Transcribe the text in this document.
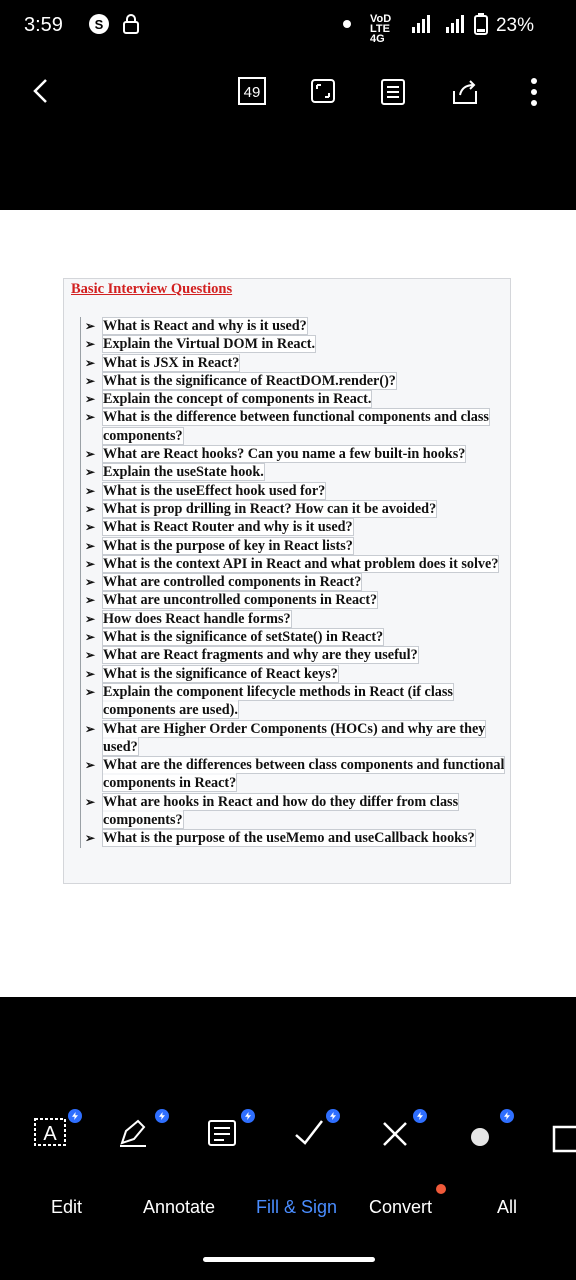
3:59 S	VoD LTE 4G
23%
49
Basic Interview Questions
➢ What is React and why is it used?
➢ Explain the Virtual DOM in React.
➢ What is JSX in React?
➢ What is the significance of ReactDOM.render()?
➢ Explain the concept of components in React.
➢ What is the difference between functional components and class components?
➢ What are React hooks? Can you name a few built-in hooks?
➢ Explain the useState hook.
➢ What is the useEffect hook used for?
➢ What is prop drilling in React? How can it be avoided?
➢ What is React Router and why is it used?
➢ What is the purpose of key in React lists?
➢ What is the context API in React and what problem does it solve?
➢ What are controlled components in React?
➢ What are uncontrolled components in React?
➢ How does React handle forms?
➢ What is the significance of setState() in React?
➢ What are React fragments and why are they useful?
➢ What is the significance of React keys?
➢ Explain the component lifecycle methods in React (if class components are used).
➢ What are Higher Order Components (HOCs) and why are they used?
➢ What are the differences between class components and functional components in React?
➢ What are hooks in React and how do they differ from class components?
➢ What is the purpose of the useMemo and useCallback hooks?
A
Edit	Annotate Fill & Sign Convert	All
